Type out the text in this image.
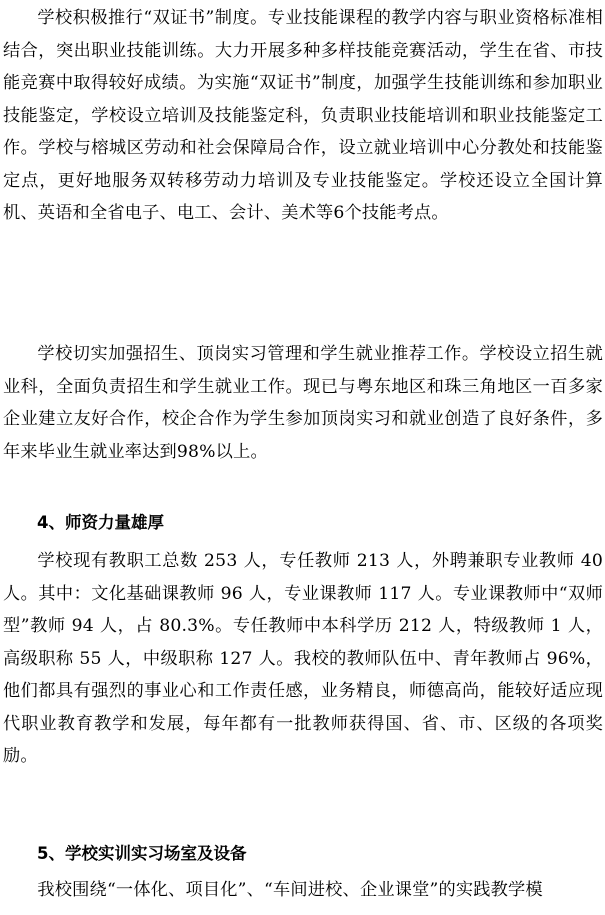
学校积极推行“双证书”制度。专业技能课程的教学内容与职业资格标准相结合，突出职业技能训练。大力开展多种多样技能竞赛活动，学生在省、市技能竞赛中取得较好成绩。为实施“双证书”制度，加强学生技能训练和参加职业技能鉴定，学校设立培训及技能鉴定科，负责职业技能培训和职业技能鉴定工作。学校与榕城区劳动和社会保障局合作，设立就业培训中心分教处和技能鉴定点，更好地服务双转移劳动力培训及专业技能鉴定。学校还设立全国计算机、英语和全省电子、电工、会计、美术等6个技能考点。

学校切实加强招生、顶岗实习管理和学生就业推荐工作。学校设立招生就业科，全面负责招生和学生就业工作。现已与粤东地区和珠三角地区一百多家企业建立友好合作，校企合作为学生参加顶岗实习和就业创造了良好条件，多年来毕业生就业率达到98%以上。

4、师资力量雄厚

学校现有教职工总数 253 人，专任教师 213 人，外聘兼职专业教师 40 人。其中：文化基础课教师 96 人，专业课教师 117 人。专业课教师中“双师型”教师 94 人，占 80.3%。专任教师中本科学历 212 人，特级教师 1 人，高级职称 55 人，中级职称 127 人。我校的教师队伍中、青年教师占 96%，他们都具有强烈的事业心和工作责任感，业务精良，师德高尚，能较好适应现代职业教育教学和发展，每年都有一批教师获得国、省、市、区级的各项奖励。

5、学校实训实习场室及设备

我校围绕“一体化、项目化”、“车间进校、企业课堂”的实践教学模
